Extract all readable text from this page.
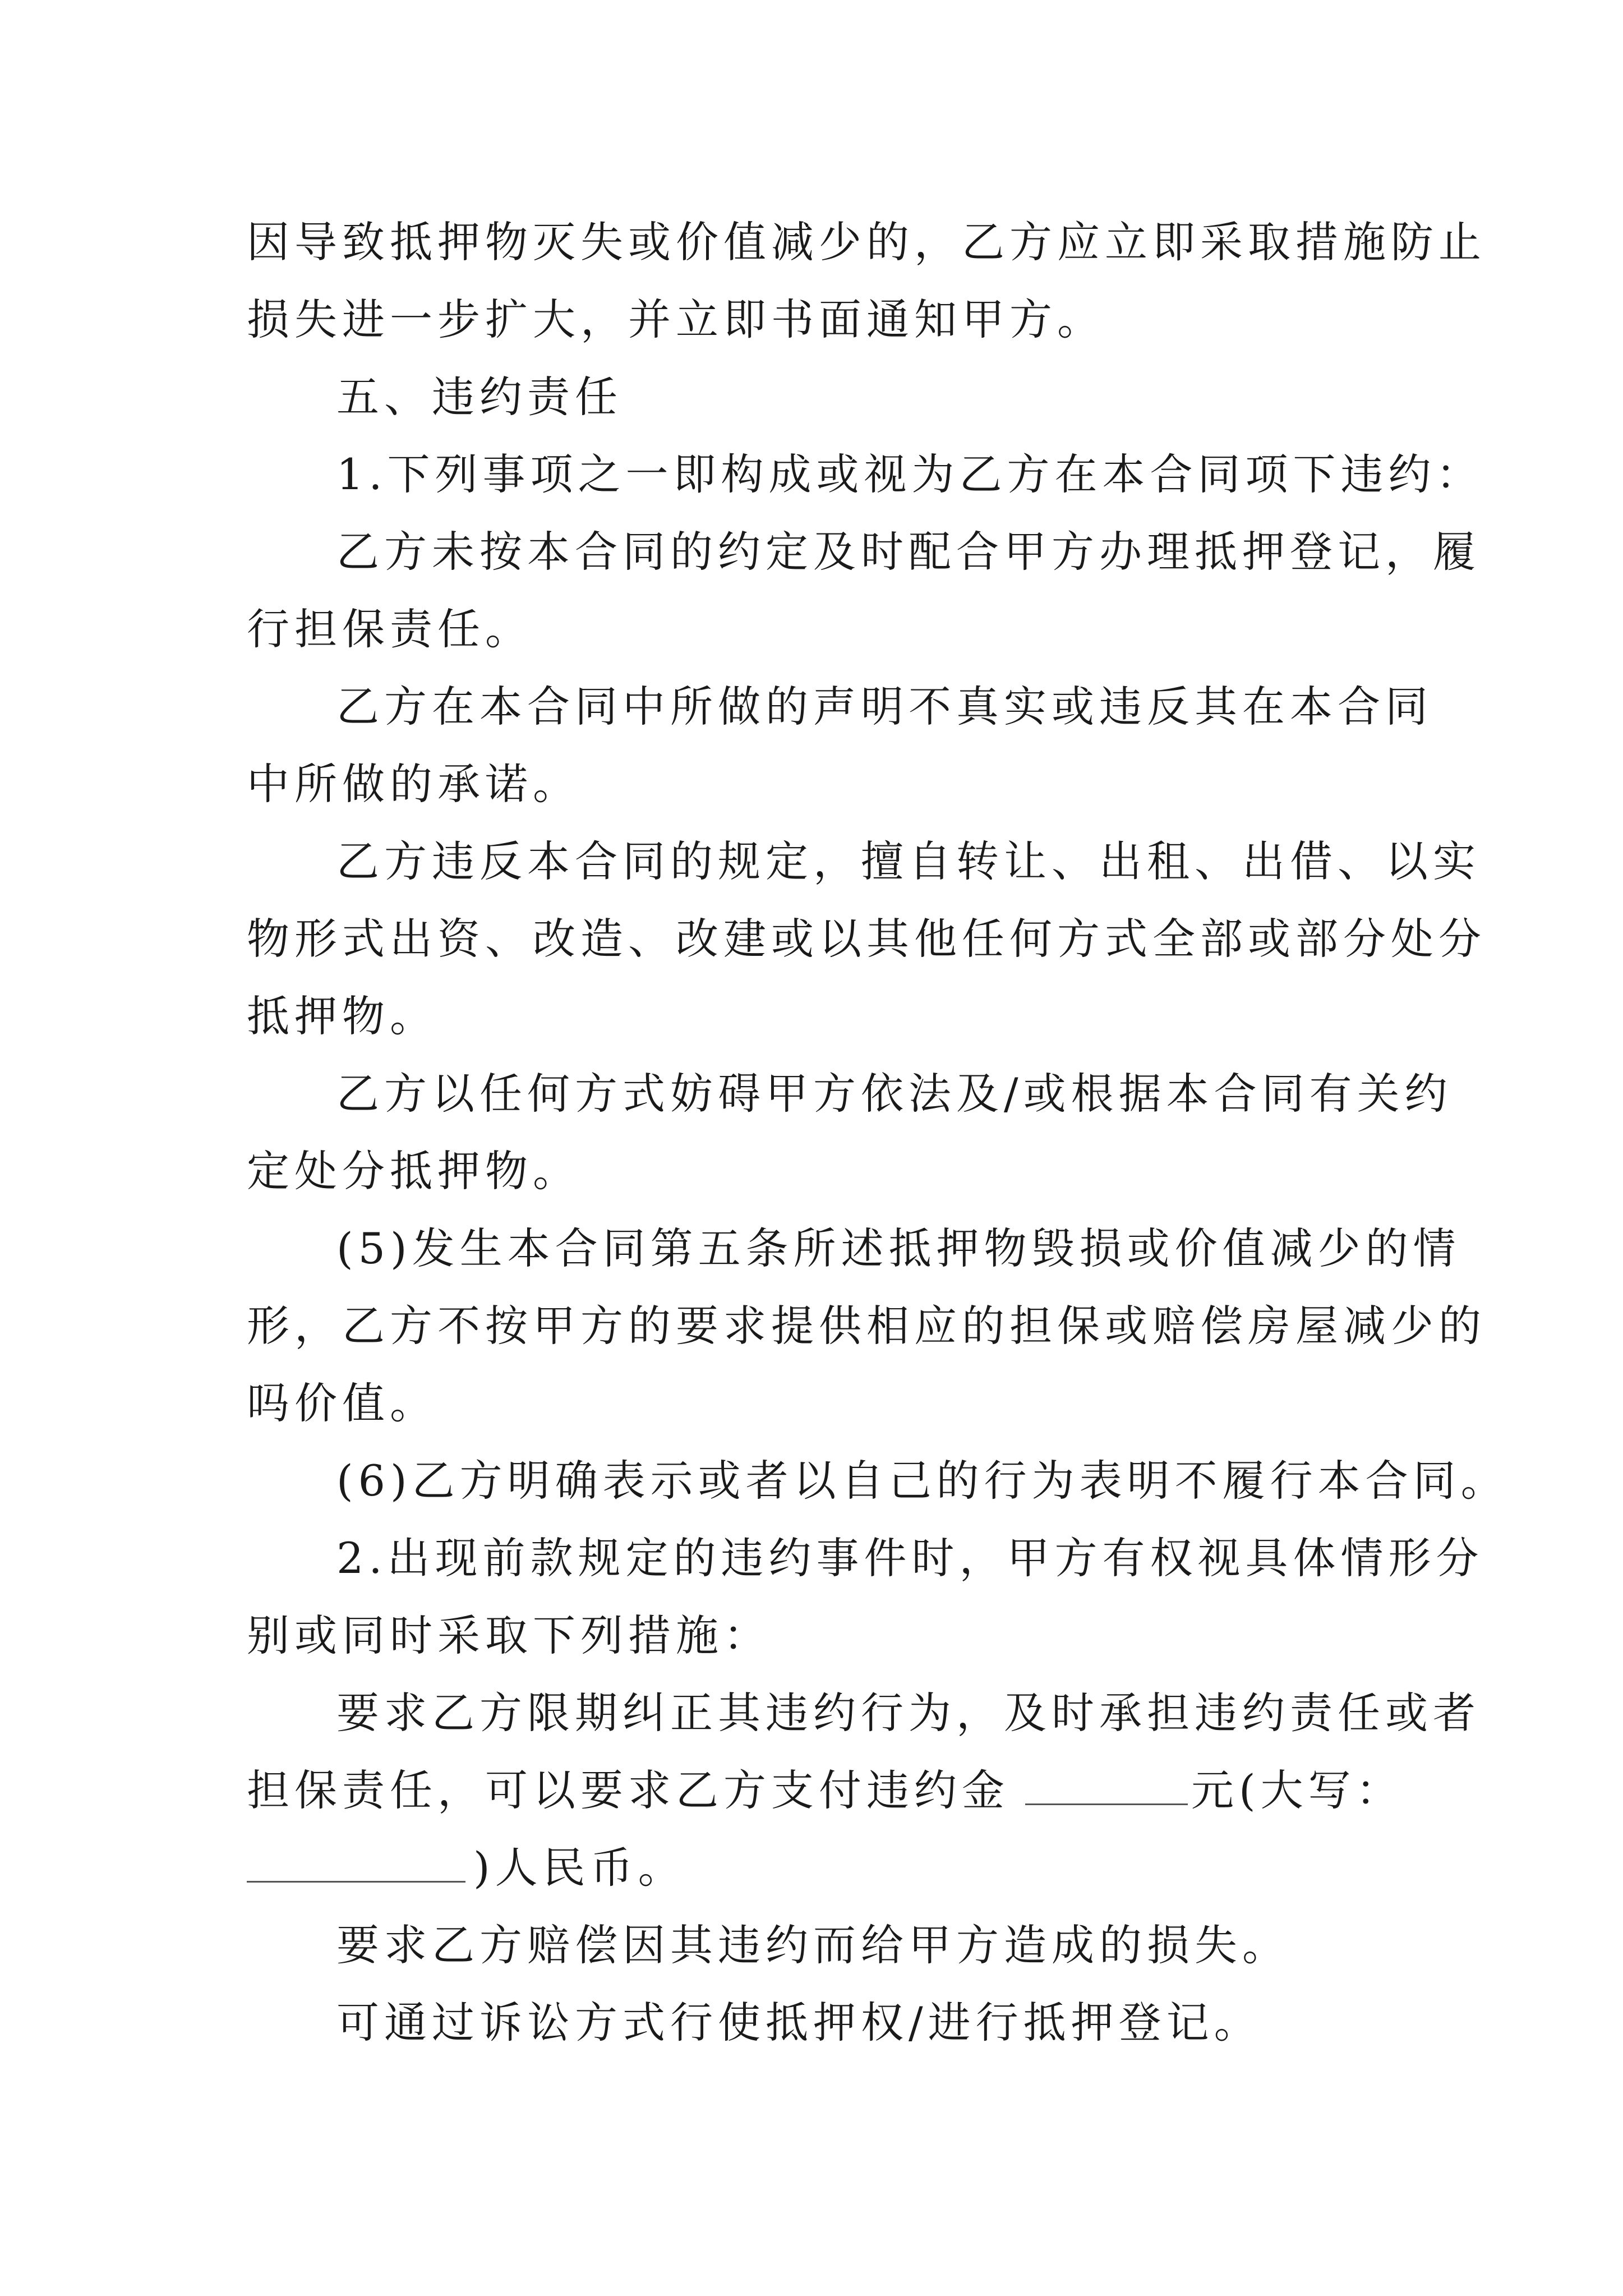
因导致抵押物灭失或价值减少的，乙方应立即采取措施防止
损失进一步扩大，并立即书面通知甲方。
五、违约责任
1.下列事项之一即构成或视为乙方在本合同项下违约：
乙方未按本合同的约定及时配合甲方办理抵押登记，履
行担保责任。
乙方在本合同中所做的声明不真实或违反其在本合同
中所做的承诺。
乙方违反本合同的规定，擅自转让、出租、出借、以实
物形式出资、改造、改建或以其他任何方式全部或部分处分
抵押物。
乙方以任何方式妨碍甲方依法及/或根据本合同有关约
定处分抵押物。
(5)发生本合同第五条所述抵押物毁损或价值减少的情
形，乙方不按甲方的要求提供相应的担保或赔偿房屋减少的
吗价值。
(6)乙方明确表示或者以自己的行为表明不履行本合同。
2.出现前款规定的违约事件时，甲方有权视具体情形分
别或同时采取下列措施：
要求乙方限期纠正其违约行为，及时承担违约责任或者
担保责任，可以要求乙方支付违约金	元(大写：
)人民币。
要求乙方赔偿因其违约而给甲方造成的损失。
可通过诉讼方式行使抵押权/进行抵押登记。
